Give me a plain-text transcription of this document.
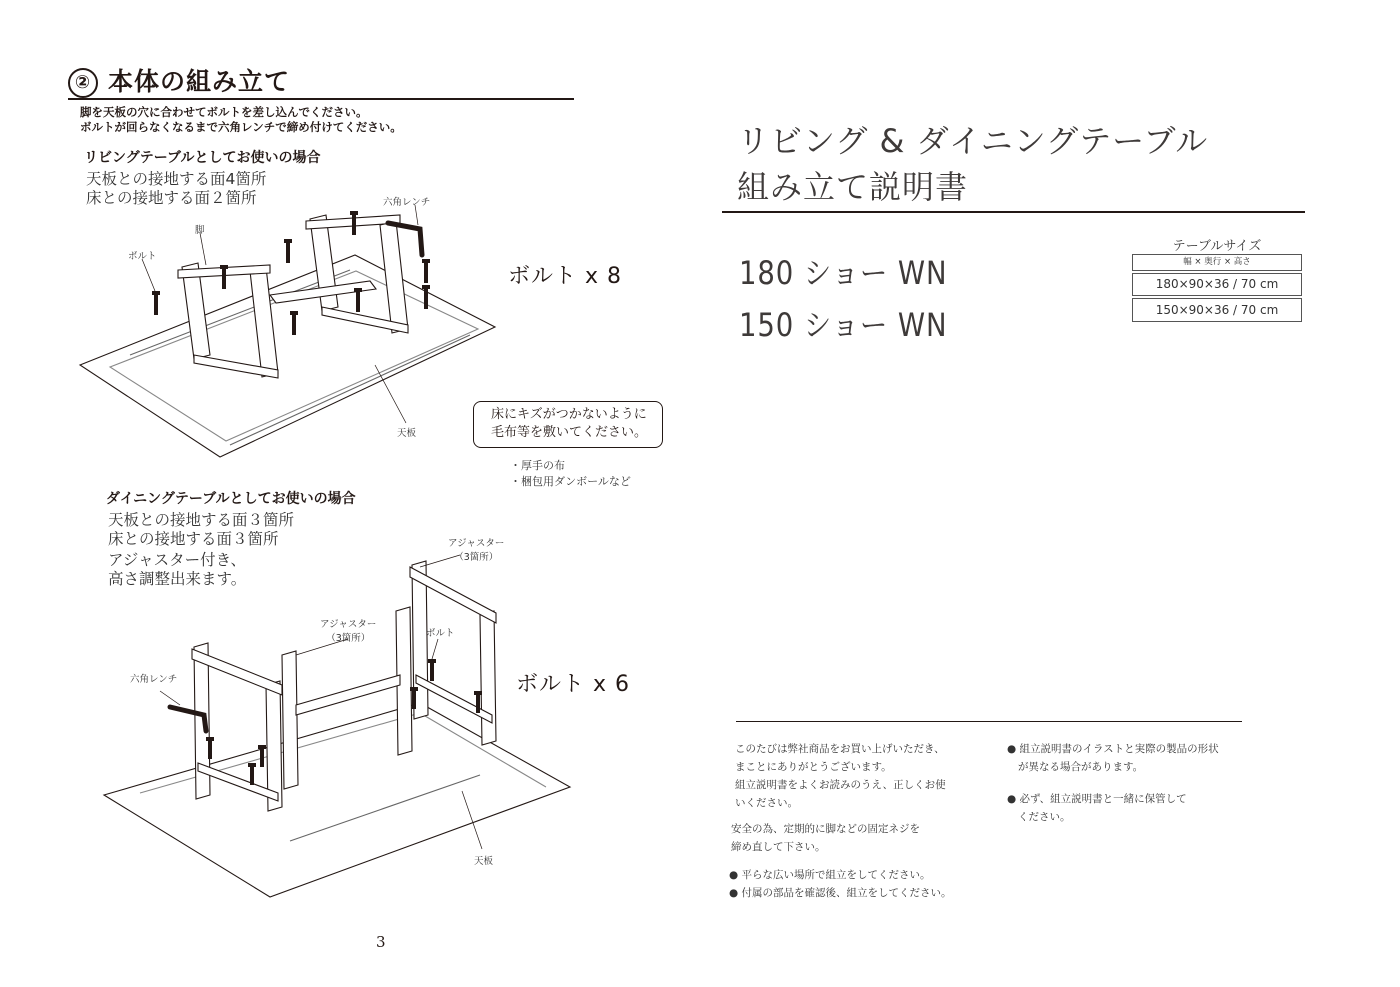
② 本体の組み立て
脚を天板の穴に合わせてボルトを差し込んでください。
ボルトが回らなくなるまで六角レンチで締め付けてください。
リビングテーブルとしてお使いの場合
天板との接地する面4箇所
床との接地する面２箇所
ボルト
脚
六角レンチ
天板
ボルト x 8
床にキズがつかないように
毛布等を敷いてください。
・厚手の布
・梱包用ダンボールなど
ダイニングテーブルとしてお使いの場合
天板との接地する面３箇所
床との接地する面３箇所
アジャスター付き、
高さ調整出来ます。
アジャスター
（3箇所）
アジャスター
（3箇所）	ボルト
六角レンチ
天板
ボルト x 6
3
リビング & ダイニングテーブル
組み立て説明書
180 ショー WN
150 ショー WN
テーブルサイズ
幅 × 奥行 × 高さ
180×90×36 / 70 cm
150×90×36 / 70 cm
このたびは弊社商品をお買い上げいただき、
まことにありがとうございます。
組立説明書をよくお読みのうえ、正しくお使
いください。
安全の為、定期的に脚などの固定ネジを
締め直して下さい。
● 平らな広い場所で組立をしてください。
● 付属の部品を確認後、組立をしてください。
● 組立説明書のイラストと実際の製品の形状
が異なる場合があります。
● 必ず、組立説明書と一緒に保管して
ください。
